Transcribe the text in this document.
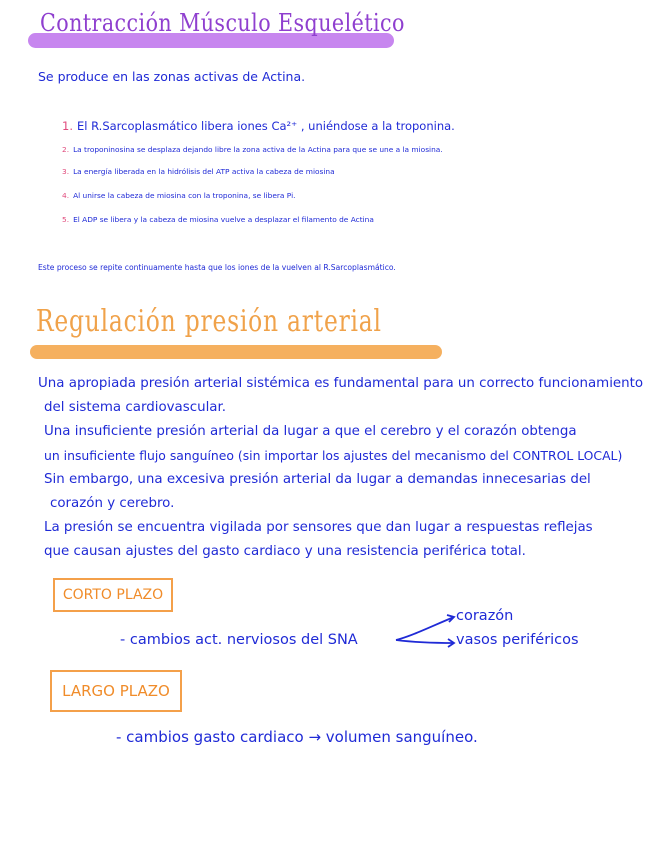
Contracción Músculo Esquelético
Se produce en las zonas activas de Actina.
1. El R.Sarcoplasmático libera iones Ca²⁺ , uniéndose a la troponina.
2. La troponinosina se desplaza dejando libre la zona activa de la Actina para que se une a la miosina.
3. La energía liberada en la hidrólisis del ATP activa la cabeza de miosina
4. Al unirse la cabeza de miosina con la troponina, se libera Pi.
5. El ADP se libera y la cabeza de miosina vuelve a desplazar el filamento de Actina
Este proceso se repite continuamente hasta que los iones de la vuelven al R.Sarcoplasmático.
Regulación presión arterial
Una apropiada presión arterial sistémica es fundamental para un correcto funcionamiento
del sistema cardiovascular.
Una insuficiente presión arterial da lugar a que el cerebro y el corazón obtenga
un insuficiente flujo sanguíneo (sin importar los ajustes del mecanismo del CONTROL LOCAL)
Sin embargo, una excesiva presión arterial da lugar a demandas innecesarias del
corazón y cerebro.
La presión se encuentra vigilada por sensores que dan lugar a respuestas reflejas
que causan ajustes del gasto cardiaco y una resistencia periférica total.
CORTO PLAZO
- cambios act. nerviosos del SNA
corazón
vasos periféricos
LARGO PLAZO
- cambios gasto cardiaco → volumen sanguíneo.
